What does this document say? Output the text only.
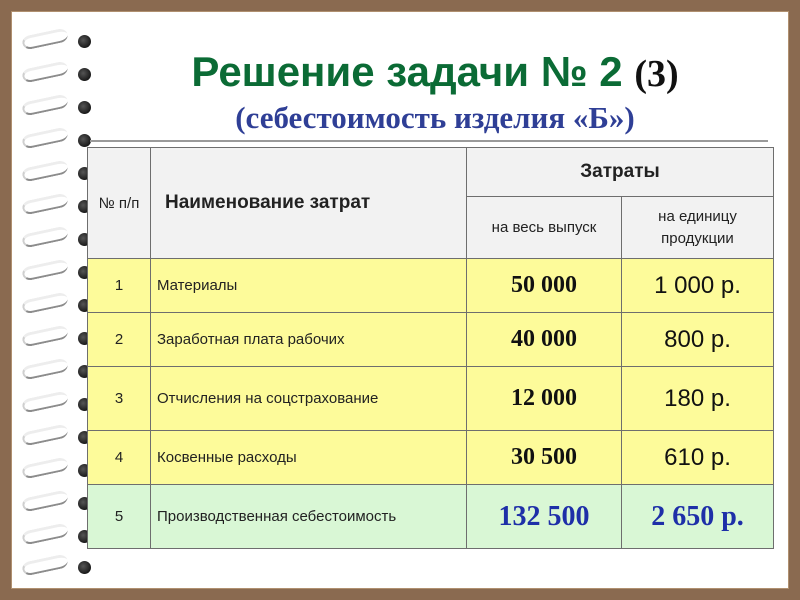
Решение задачи № 2 (3)
(себестоимость изделия «Б»)
№ п/п	Наименование затрат	Затраты	
		на весь выпуск	на единицу продукции
1	Материалы	50 000	1 000 р.
2	Заработная плата рабочих	40 000	800 р.
3	Отчисления на соцстрахование	12 000	180 р.
4	Косвенные расходы	30 500	610 р.
5	Производственная себестоимость	132 500	2 650 р.
